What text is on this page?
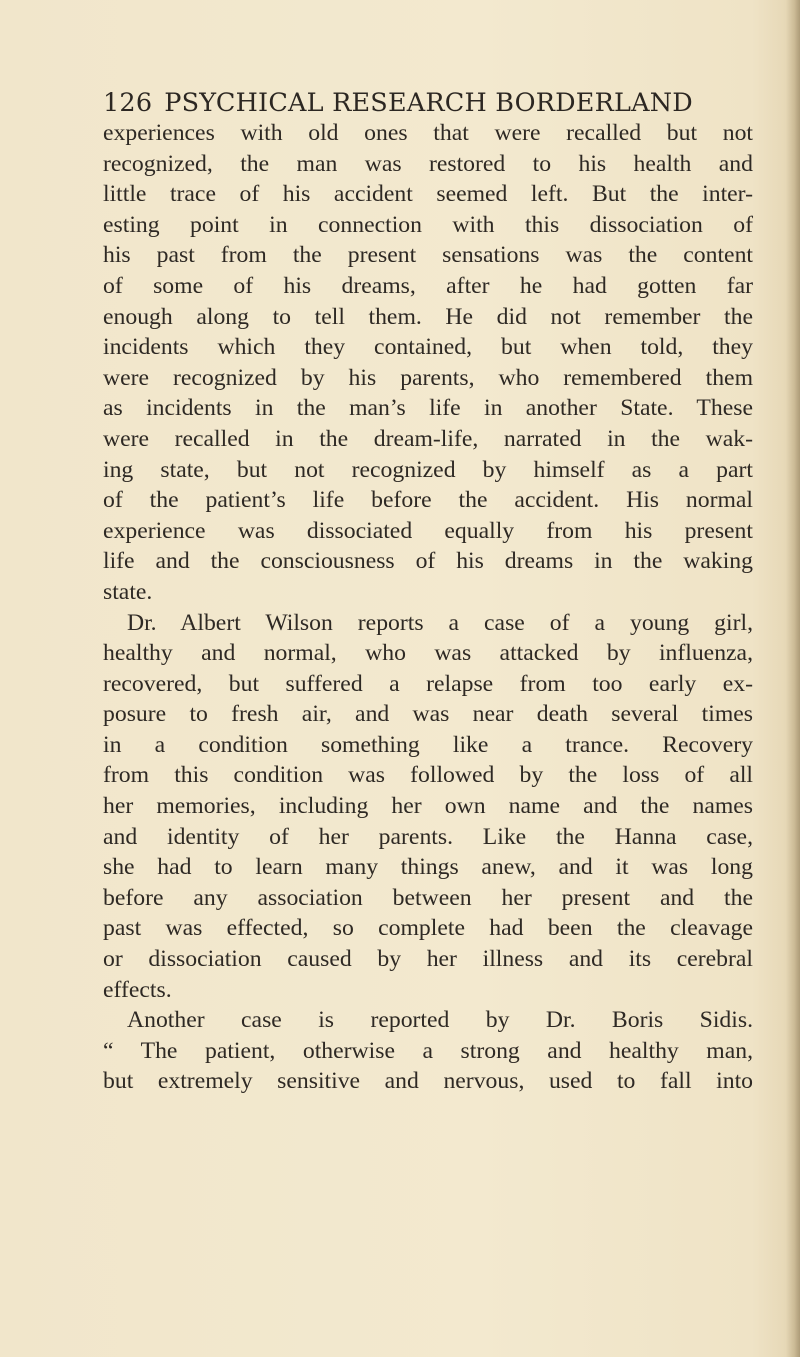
126 PSYCHICAL RESEARCH BORDERLAND
experiences with old ones that were recalled but not
recognized, the man was restored to his health and
little trace of his accident seemed left. But the inter-
esting point in connection with this dissociation of
his past from the present sensations was the content
of some of his dreams, after he had gotten far
enough along to tell them. He did not remember the
incidents which they contained, but when told, they
were recognized by his parents, who remembered them
as incidents in the man’s life in another State. These
were recalled in the dream-life, narrated in the wak-
ing state, but not recognized by himself as a part
of the patient’s life before the accident. His normal
experience was dissociated equally from his present
life and the consciousness of his dreams in the waking
state.
Dr. Albert Wilson reports a case of a young girl,
healthy and normal, who was attacked by influenza,
recovered, but suffered a relapse from too early ex-
posure to fresh air, and was near death several times
in a condition something like a trance. Recovery
from this condition was followed by the loss of all
her memories, including her own name and the names
and identity of her parents. Like the Hanna case,
she had to learn many things anew, and it was long
before any association between her present and the
past was effected, so complete had been the cleavage
or dissociation caused by her illness and its cerebral
effects.
Another case is reported by Dr. Boris Sidis.
“ The patient, otherwise a strong and healthy man,
but extremely sensitive and nervous, used to fall into
